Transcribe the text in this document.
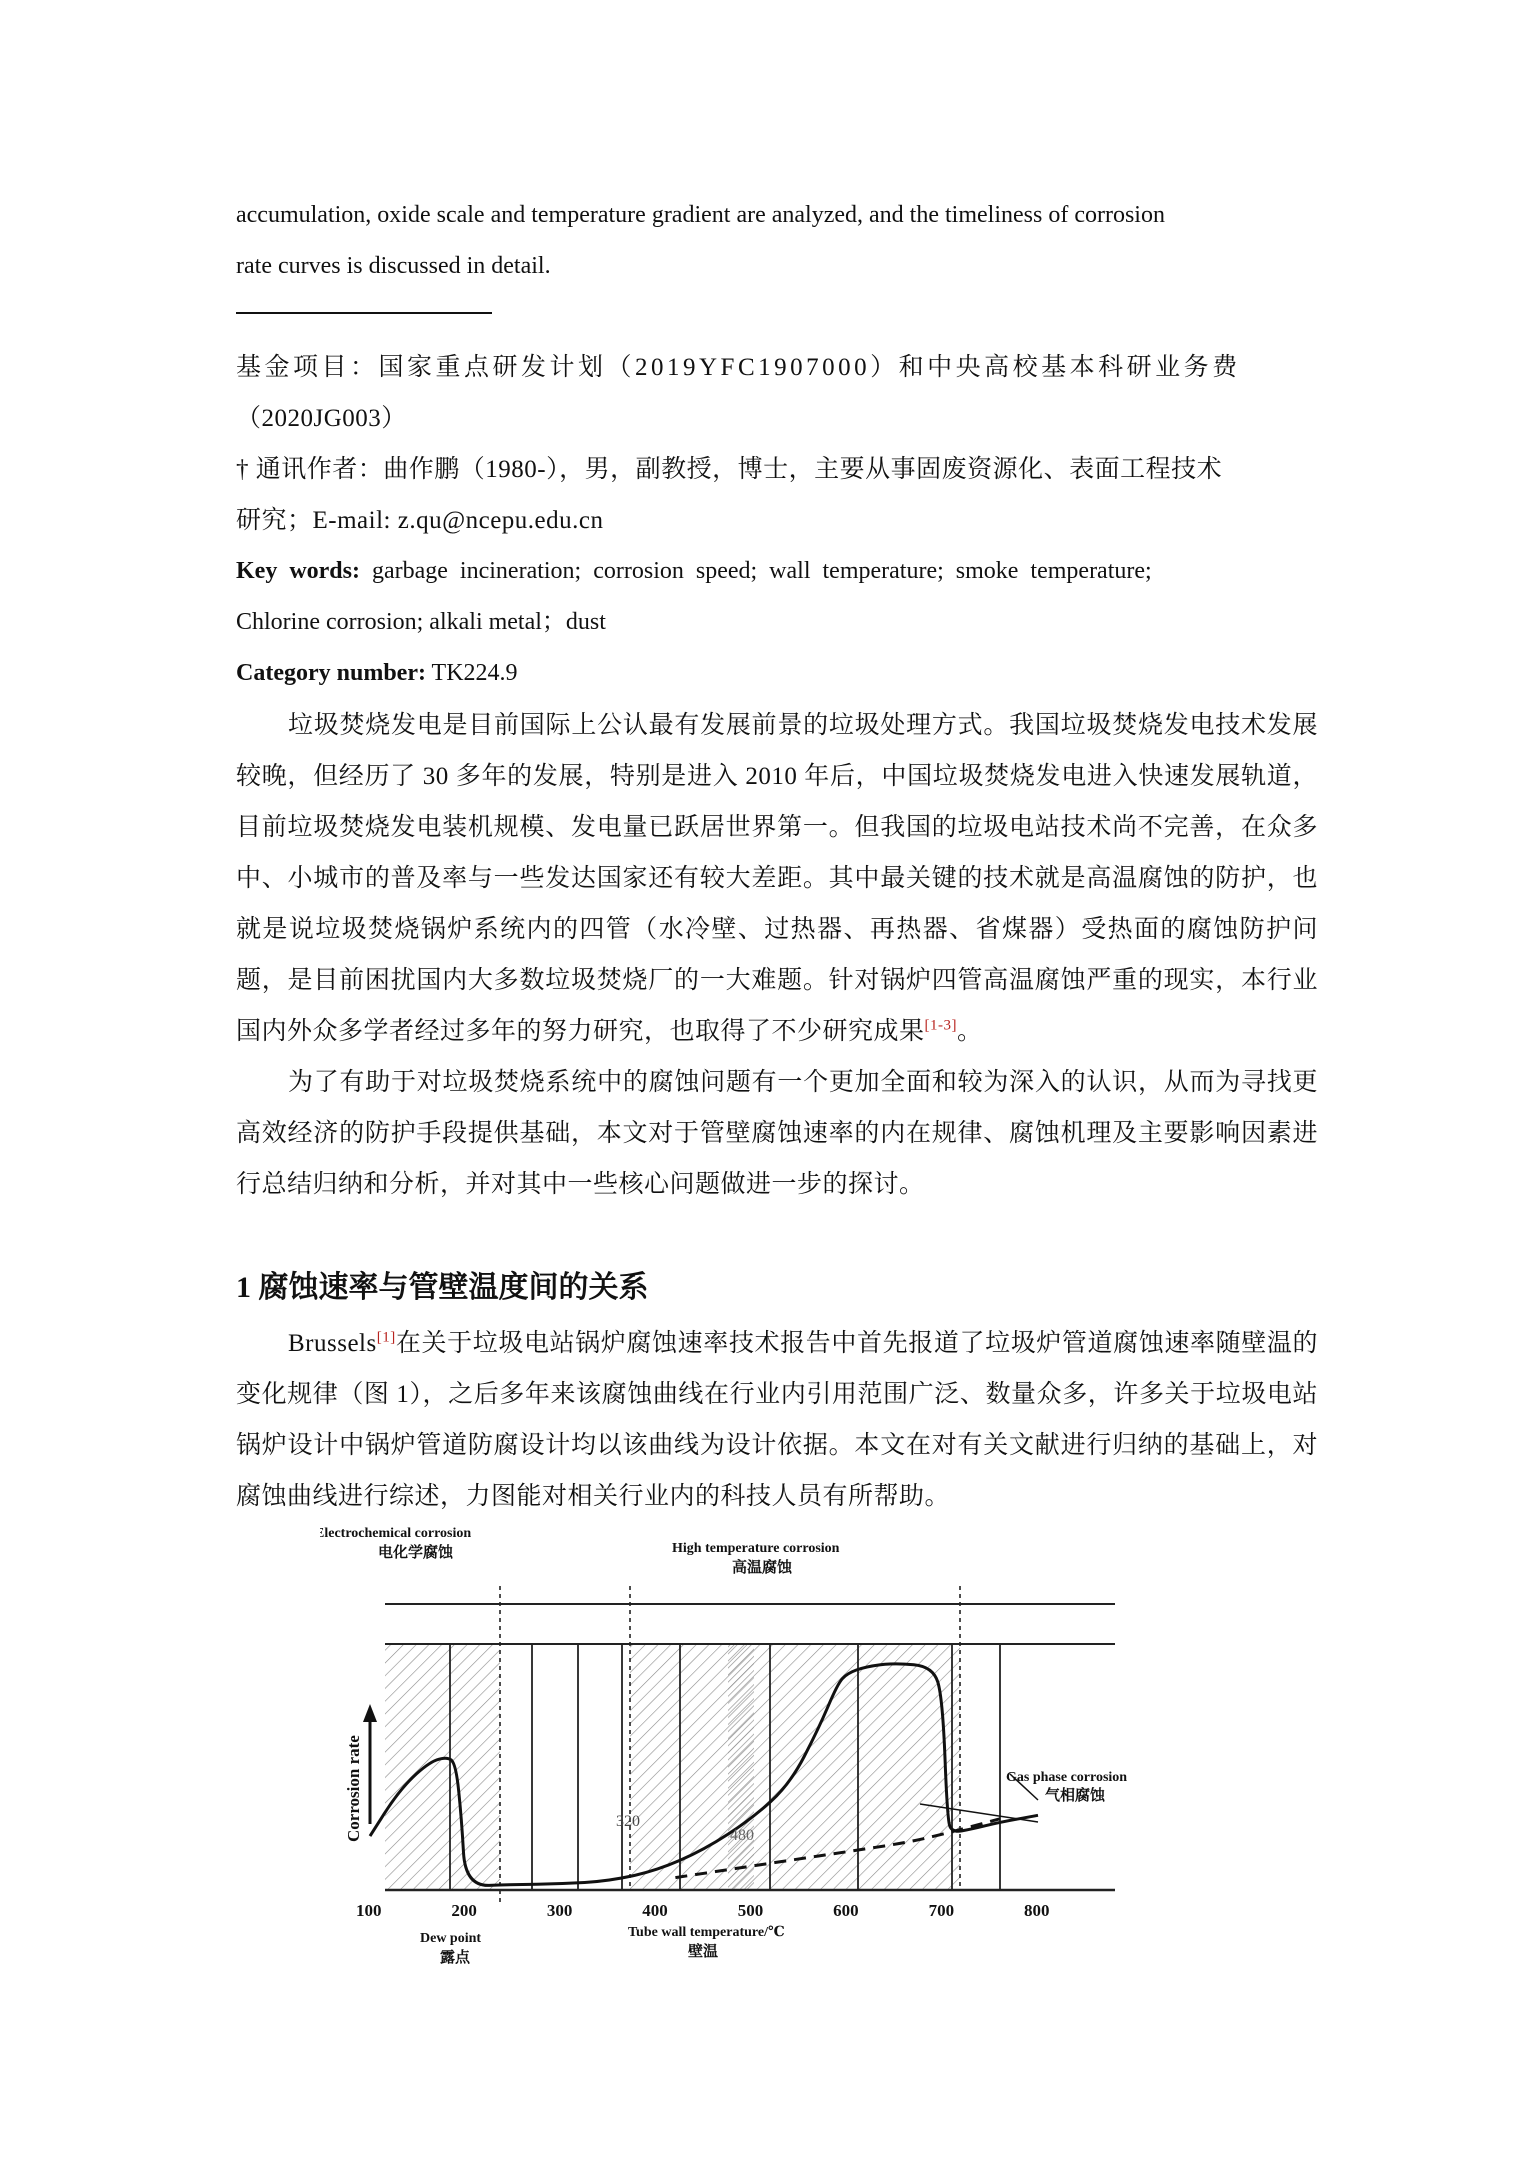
accumulation, oxide scale and temperature gradient are analyzed, and the timeliness of corrosion

rate curves is discussed in detail.

基金项目：国家重点研发计划（2019YFC1907000）和中央高校基本科研业务费

（2020JG003）

† 通讯作者：曲作鹏（1980-），男，副教授，博士，主要从事固废资源化、表面工程技术

研究；E-mail: z.qu@ncepu.edu.cn

Key words: garbage incineration; corrosion speed; wall temperature; smoke temperature;

Chlorine corrosion; alkali metal；dust

Category number: TK224.9

垃圾焚烧发电是目前国际上公认最有发展前景的垃圾处理方式。我国垃圾焚烧发电技术发展较晚，但经历了 30 多年的发展，特别是进入 2010 年后，中国垃圾焚烧发电进入快速发展轨道，目前垃圾焚烧发电装机规模、发电量已跃居世界第一。但我国的垃圾电站技术尚不完善，在众多中、小城市的普及率与一些发达国家还有较大差距。其中最关键的技术就是高温腐蚀的防护，也就是说垃圾焚烧锅炉系统内的四管（水冷壁、过热器、再热器、省煤器）受热面的腐蚀防护问题，是目前困扰国内大多数垃圾焚烧厂的一大难题。针对锅炉四管高温腐蚀严重的现实，本行业国内外众多学者经过多年的努力研究，也取得了不少研究成果[1-3]。

为了有助于对垃圾焚烧系统中的腐蚀问题有一个更加全面和较为深入的认识，从而为寻找更高效经济的防护手段提供基础，本文对于管壁腐蚀速率的内在规律、腐蚀机理及主要影响因素进行总结归纳和分析，并对其中一些核心问题做进一步的探讨。

1 腐蚀速率与管壁温度间的关系

Brussels[1]在关于垃圾电站锅炉腐蚀速率技术报告中首先报道了垃圾炉管道腐蚀速率随壁温的变化规律（图 1），之后多年来该腐蚀曲线在行业内引用范围广泛、数量众多，许多关于垃圾电站锅炉设计中锅炉管道防腐设计均以该曲线为设计依据。本文在对有关文献进行归纳的基础上，对腐蚀曲线进行综述，力图能对相关行业内的科技人员有所帮助。

Corrosion rate	320
480
Electrochemical corrosion
电化学腐蚀	High temperature corrosion
高温腐蚀
Gas phase corrosion
气相腐蚀
100	200	300	400	500	600	700	800
Dew point
露点
Tube wall temperature/℃
壁温
